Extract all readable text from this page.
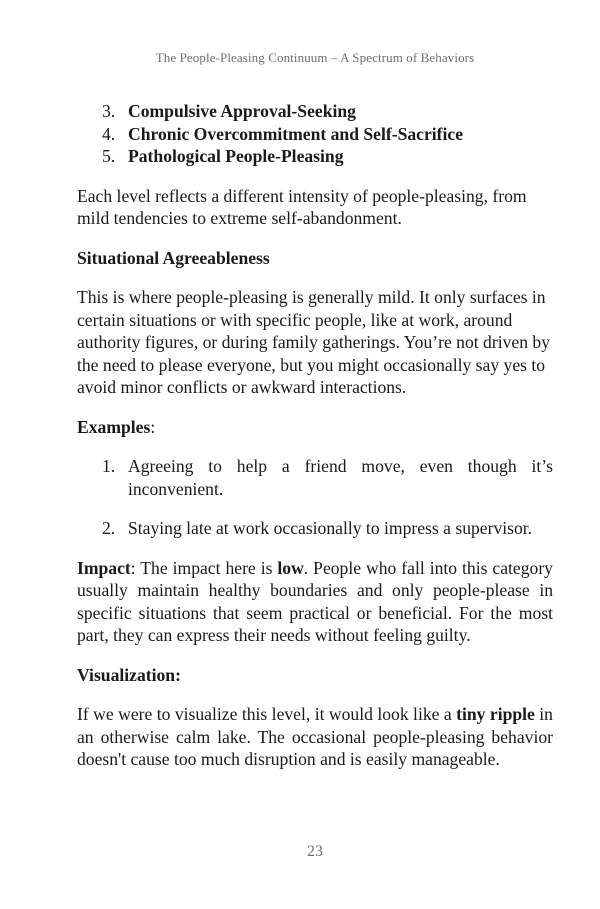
The People-Pleasing Continuum – A Spectrum of Behaviors
3. Compulsive Approval-Seeking
4. Chronic Overcommitment and Self-Sacrifice
5. Pathological People-Pleasing

Each level reflects a different intensity of people-pleasing, from mild tendencies to extreme self-abandonment.

Situational Agreeableness

This is where people-pleasing is generally mild. It only surfaces in certain situations or with specific people, like at work, around authority figures, or during family gatherings. You’re not driven by the need to please everyone, but you might occasionally say yes to avoid minor conflicts or awkward interactions.

Examples:

1. Agreeing to help a friend move, even though it’s inconvenient.
2. Staying late at work occasionally to impress a supervisor.

Impact: The impact here is low. People who fall into this category usually maintain healthy boundaries and only people-please in specific situations that seem practical or beneficial. For the most part, they can express their needs without feeling guilty.

Visualization:

If we were to visualize this level, it would look like a tiny ripple in an otherwise calm lake. The occasional people-pleasing behavior doesn't cause too much disruption and is easily manageable.

23
